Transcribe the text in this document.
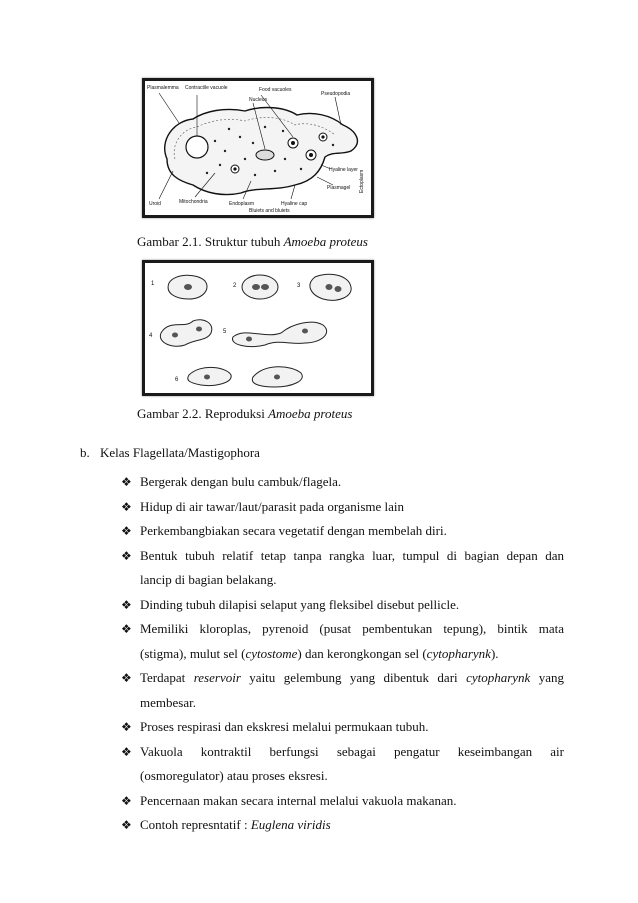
Plasmalemma Contractile vacuole	Food vacuoles
Nucleus
Pseudopodia
Uroid	Mitochondria	Endoplasm
Hyaline layer
Plasmagel Ectoplasm
Hyaline cap
Bluiets and bluiets
Gambar 2.1. Struktur tubuh Amoeba proteus
1	2	3
4
5
6
Gambar 2.2. Reproduksi Amoeba proteus
b. Kelas Flagellata/Mastigophora
❖ Bergerak dengan bulu cambuk/flagela.
❖ Hidup di air tawar/laut/parasit pada organisme lain
❖ Perkembangbiakan secara vegetatif dengan membelah diri.
❖ Bentuk tubuh relatif tetap tanpa rangka luar, tumpul di bagian depan dan
lancip di bagian belakang.
❖ Dinding tubuh dilapisi selaput yang fleksibel disebut pellicle.
❖ Memiliki kloroplas, pyrenoid (pusat pembentukan tepung), bintik mata
(stigma), mulut sel (cytostome) dan kerongkongan sel (cytopharynk).
❖ Terdapat reservoir yaitu gelembung yang dibentuk dari cytopharynk yang
membesar.
❖ Proses respirasi dan ekskresi melalui permukaan tubuh.
❖ Vakuola kontraktil berfungsi sebagai pengatur keseimbangan air
(osmoregulator) atau proses eksresi.
❖ Pencernaan makan secara internal melalui vakuola makanan.
❖ Contoh represntatif : Euglena viridis
